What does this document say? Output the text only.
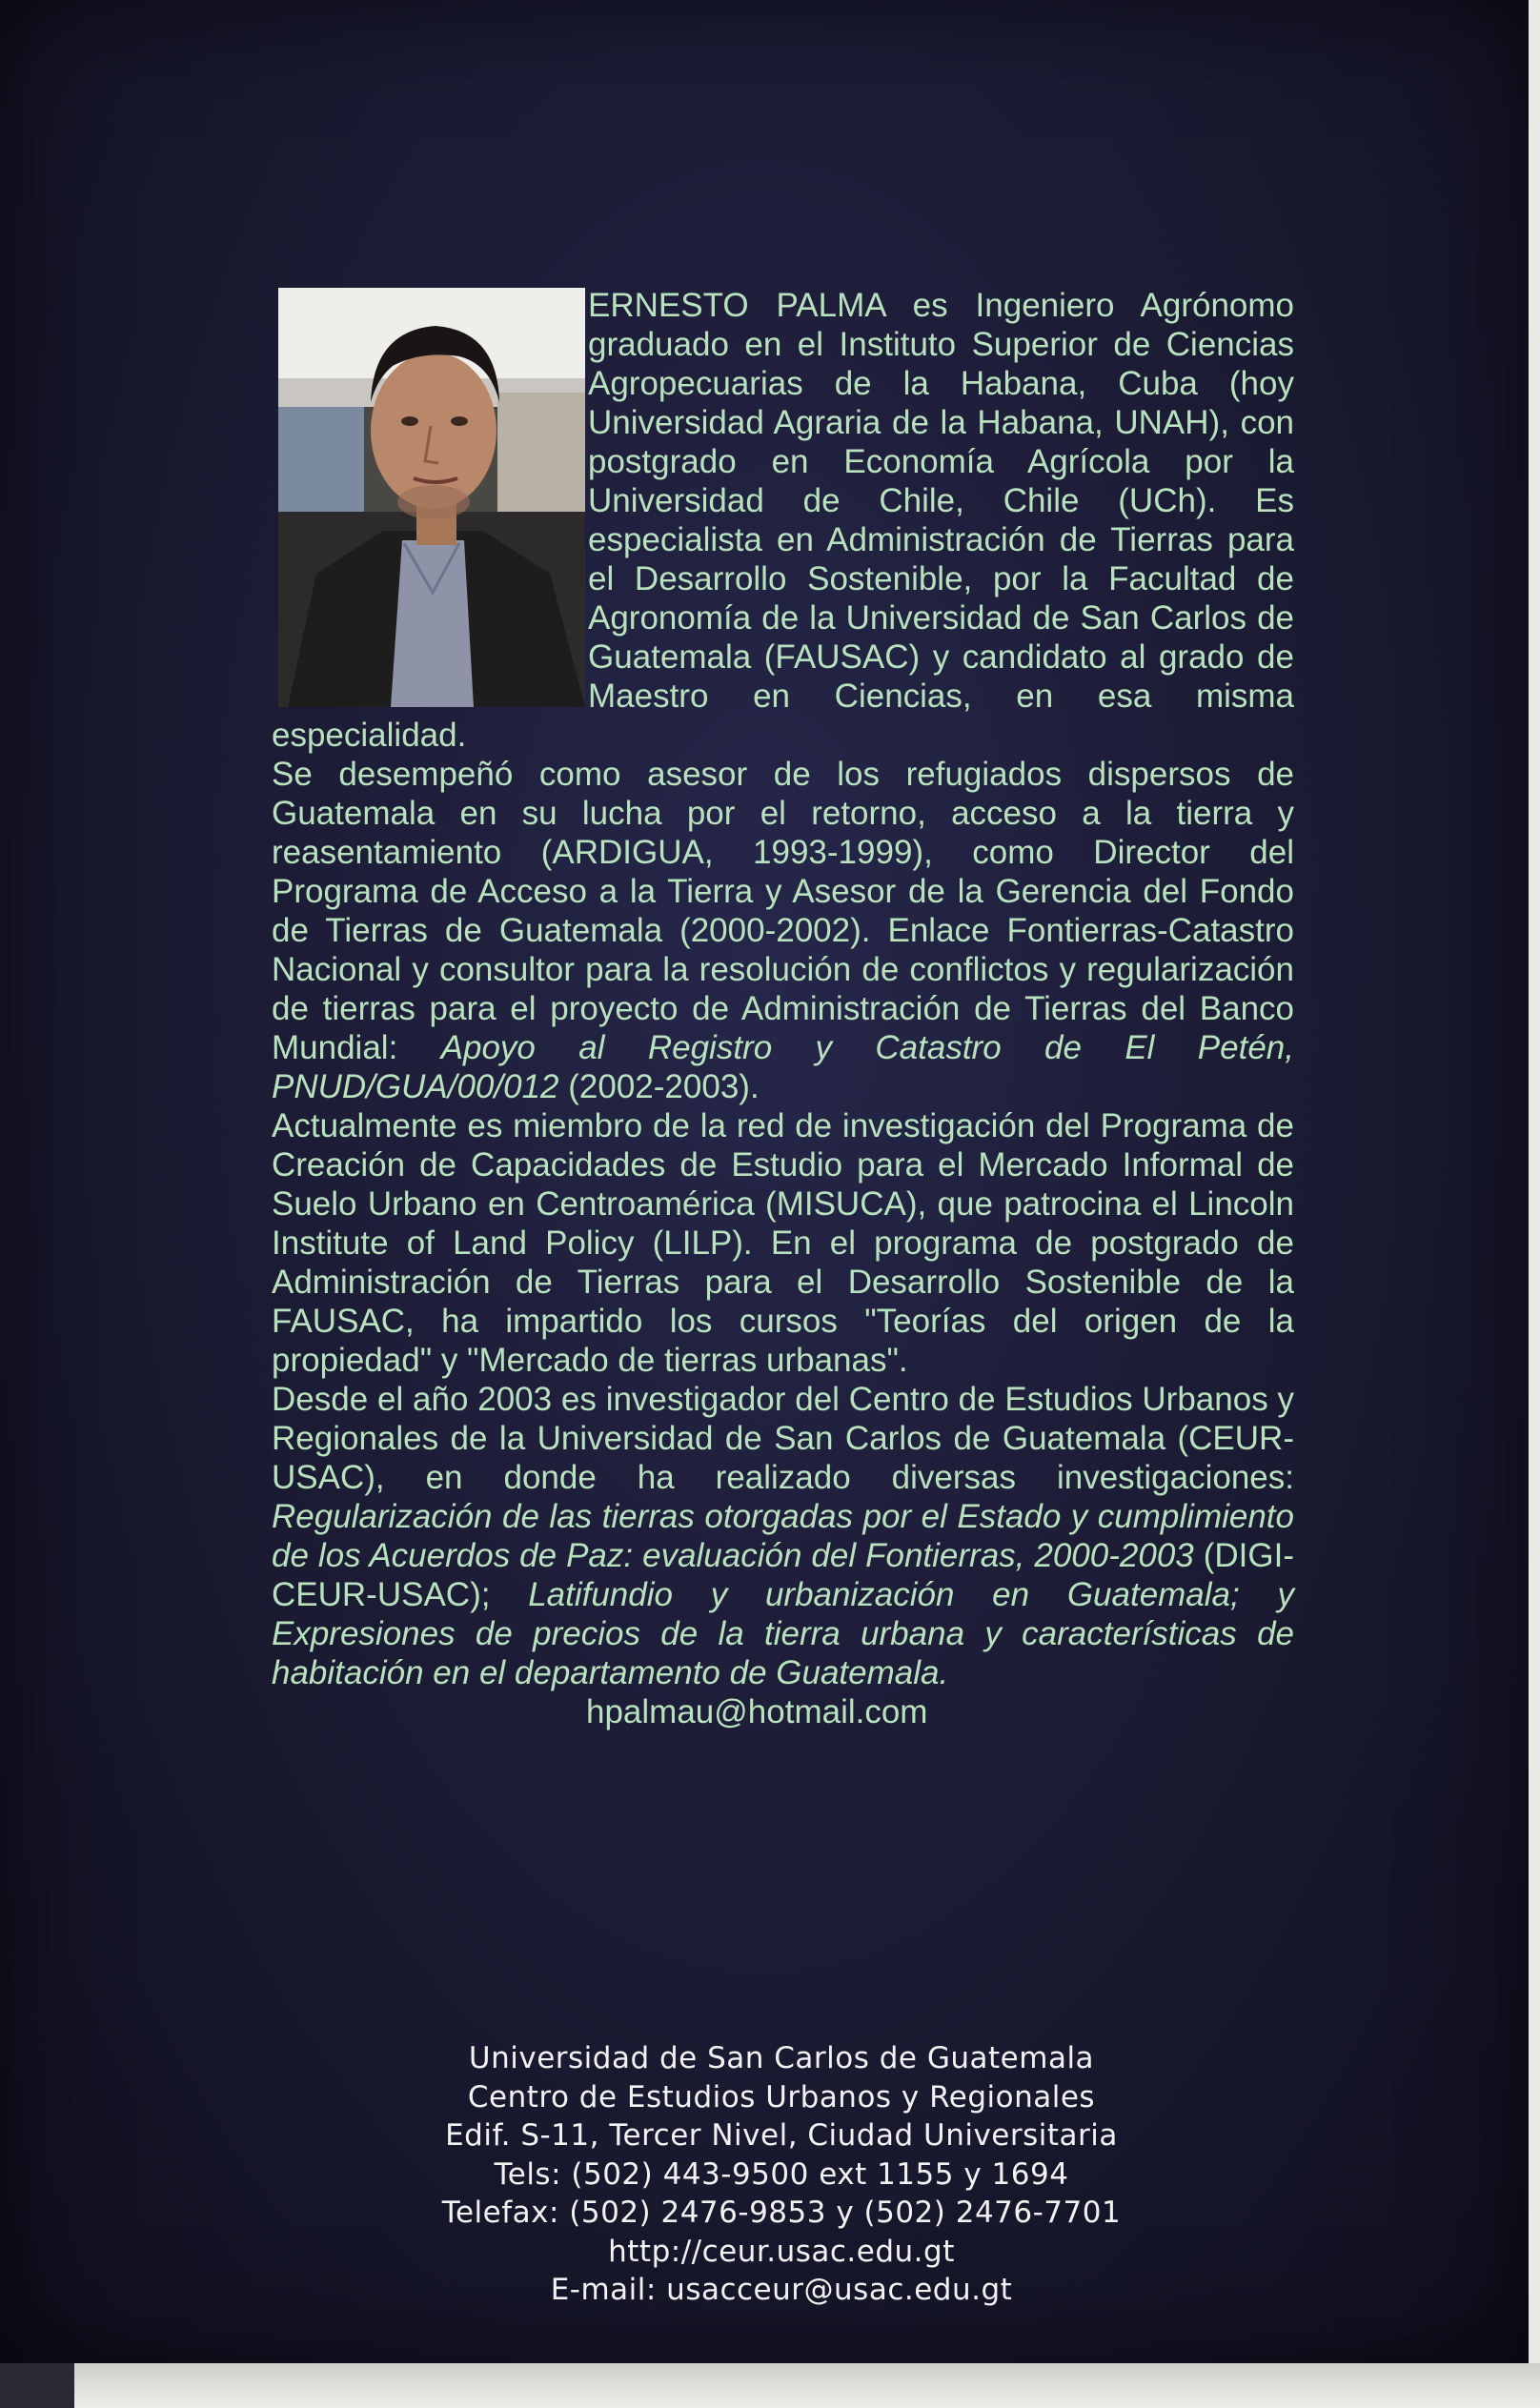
ERNESTO PALMA es Ingeniero Agrónomo graduado en el Instituto Superior de Ciencias Agropecuarias de la Habana, Cuba (hoy Universidad Agraria de la Habana, UNAH), con postgrado en Economía Agrícola por la Universidad de Chile, Chile (UCh). Es especialista en Administración de Tierras para el Desarrollo Sostenible, por la Facultad de Agronomía de la Universidad de San Carlos de Guatemala (FAUSAC) y candidato al grado de Maestro en Ciencias, en esa misma especialidad.

Se desempeñó como asesor de los refugiados dispersos de Guatemala en su lucha por el retorno, acceso a la tierra y reasentamiento (ARDIGUA, 1993-1999), como Director del Programa de Acceso a la Tierra y Asesor de la Gerencia del Fondo de Tierras de Guatemala (2000-2002). Enlace Fontierras-Catastro Nacional y consultor para la resolución de conflictos y regularización de tierras para el proyecto de Administración de Tierras del Banco Mundial: Apoyo al Registro y Catastro de El Petén, PNUD/GUA/00/012 (2002-2003).

Actualmente es miembro de la red de investigación del Programa de Creación de Capacidades de Estudio para el Mercado Informal de Suelo Urbano en Centroamérica (MISUCA), que patrocina el Lincoln Institute of Land Policy (LILP). En el programa de postgrado de Administración de Tierras para el Desarrollo Sostenible de la FAUSAC, ha impartido los cursos "Teorías del origen de la propiedad" y "Mercado de tierras urbanas".

Desde el año 2003 es investigador del Centro de Estudios Urbanos y Regionales de la Universidad de San Carlos de Guatemala (CEUR-USAC), en donde ha realizado diversas investigaciones: Regularización de las tierras otorgadas por el Estado y cumplimiento de los Acuerdos de Paz: evaluación del Fontierras, 2000-2003 (DIGI-CEUR-USAC); Latifundio y urbanización en Guatemala; y Expresiones de precios de la tierra urbana y características de habitación en el departamento de Guatemala.

hpalmau@hotmail.com

Universidad de San Carlos de Guatemala
Centro de Estudios Urbanos y Regionales
Edif. S-11, Tercer Nivel, Ciudad Universitaria
Tels: (502) 443-9500 ext 1155 y 1694
Telefax: (502) 2476-9853 y (502) 2476-7701
http://ceur.usac.edu.gt
E-mail: usacceur@usac.edu.gt
